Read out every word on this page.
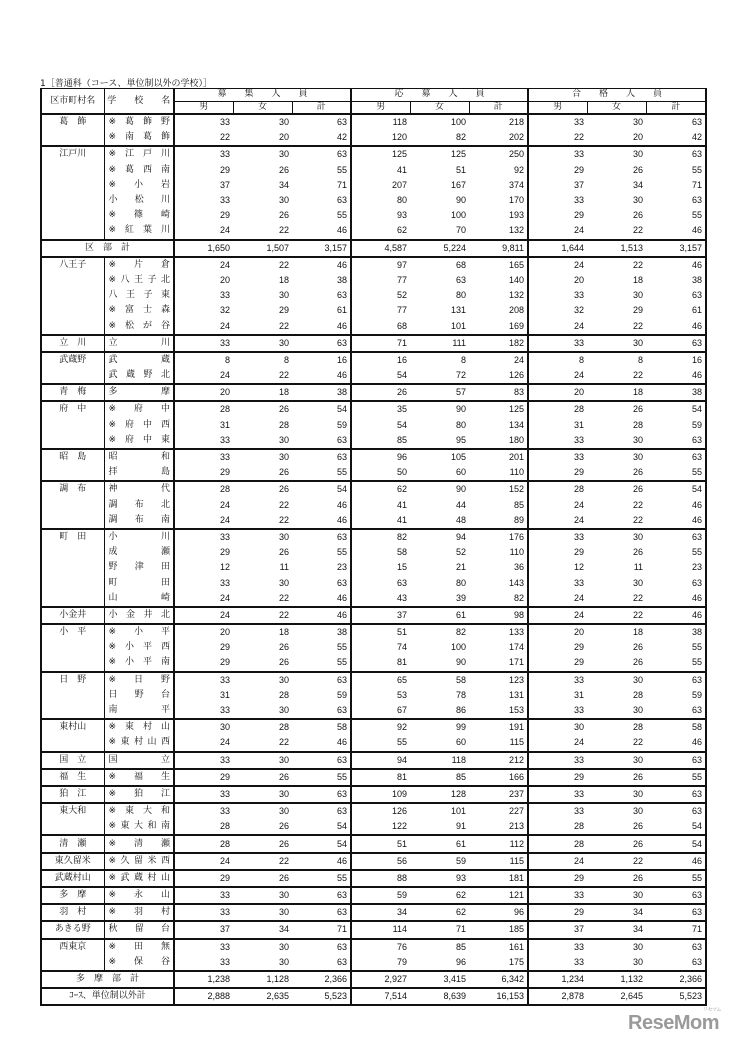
1［普通科（コース、単位制以外の学校）］
区市町村名	学　　校　　名	募　　集　　人　　員			応　　募　　人　　員			合　　格　　人　　員		
		男	女	計	男	女	計	男	女	計
葛　飾	※ 葛 飾 野	33	30	63	118	100	218	33	30	63
	※ 南 葛 飾	22	20	42	120	82	202	22	20	42
江戸川	※ 江 戸 川	33	30	63	125	125	250	33	30	63
	※ 葛 西 南	29	26	55	41	51	92	29	26	55
	※ 小 岩	37	34	71	207	167	374	37	34	71
	小 松 川	33	30	63	80	90	170	33	30	63
	※ 篠 崎	29	26	55	93	100	193	29	26	55
	※ 紅 葉 川	24	22	46	62	70	132	24	22	46
区　部　計		1,650	1,507	3,157	4,587	5,224	9,811	1,644	1,513	3,157
八王子	※ 片 倉	24	22	46	97	68	165	24	22	46
	※ 八 王 子 北	20	18	38	77	63	140	20	18	38
	八 王 子 東	33	30	63	52	80	132	33	30	63
	※ 富 士 森	32	29	61	77	131	208	32	29	61
	※ 松 が 谷	24	22	46	68	101	169	24	22	46
立　川	立 川	33	30	63	71	111	182	33	30	63
武蔵野	武 蔵	8	8	16	16	8	24	8	8	16
	武 蔵 野 北	24	22	46	54	72	126	24	22	46
青　梅	多 摩	20	18	38	26	57	83	20	18	38
府　中	※ 府 中	28	26	54	35	90	125	28	26	54
	※ 府 中 西	31	28	59	54	80	134	31	28	59
	※ 府 中 東	33	30	63	85	95	180	33	30	63
昭　島	昭 和	33	30	63	96	105	201	33	30	63
	拝 島	29	26	55	50	60	110	29	26	55
調　布	神 代	28	26	54	62	90	152	28	26	54
	調 布 北	24	22	46	41	44	85	24	22	46
	調 布 南	24	22	46	41	48	89	24	22	46
町　田	小 川	33	30	63	82	94	176	33	30	63
	成 瀬	29	26	55	58	52	110	29	26	55
	野 津 田	12	11	23	15	21	36	12	11	23
	町 田	33	30	63	63	80	143	33	30	63
	山 崎	24	22	46	43	39	82	24	22	46
小金井	小 金 井 北	24	22	46	37	61	98	24	22	46
小　平	※ 小 平	20	18	38	51	82	133	20	18	38
	※ 小 平 西	29	26	55	74	100	174	29	26	55
	※ 小 平 南	29	26	55	81	90	171	29	26	55
日　野	※ 日 野	33	30	63	65	58	123	33	30	63
	日 野 台	31	28	59	53	78	131	31	28	59
	南 平	33	30	63	67	86	153	33	30	63
東村山	※ 東 村 山	30	28	58	92	99	191	30	28	58
	※ 東 村 山 西	24	22	46	55	60	115	24	22	46
国　立	国 立	33	30	63	94	118	212	33	30	63
福　生	※ 福 生	29	26	55	81	85	166	29	26	55
狛　江	※ 狛 江	33	30	63	109	128	237	33	30	63
東大和	※ 東 大 和	33	30	63	126	101	227	33	30	63
	※ 東 大 和 南	28	26	54	122	91	213	28	26	54
清　瀬	※ 清 瀬	28	26	54	51	61	112	28	26	54
東久留米	※ 久 留 米 西	24	22	46	56	59	115	24	22	46
武蔵村山	※ 武 蔵 村 山	29	26	55	88	93	181	29	26	55
多　摩	※ 永 山	33	30	63	59	62	121	33	30	63
羽　村	※ 羽 村	33	30	63	34	62	96	29	34	63
あきる野	秋 留 台	37	34	71	114	71	185	37	34	71
西東京	※ 田 無	33	30	63	76	85	161	33	30	63
	※ 保 谷	33	30	63	79	96	175	33	30	63
多　摩　部　計		1,238	1,128	2,366	2,927	3,415	6,342	1,234	1,132	2,366
ｺｰｽ、単位制以外計		2,888	2,635	5,523	7,514	8,639	16,153	2,878	2,645	5,523
ReseMom
リセマム
